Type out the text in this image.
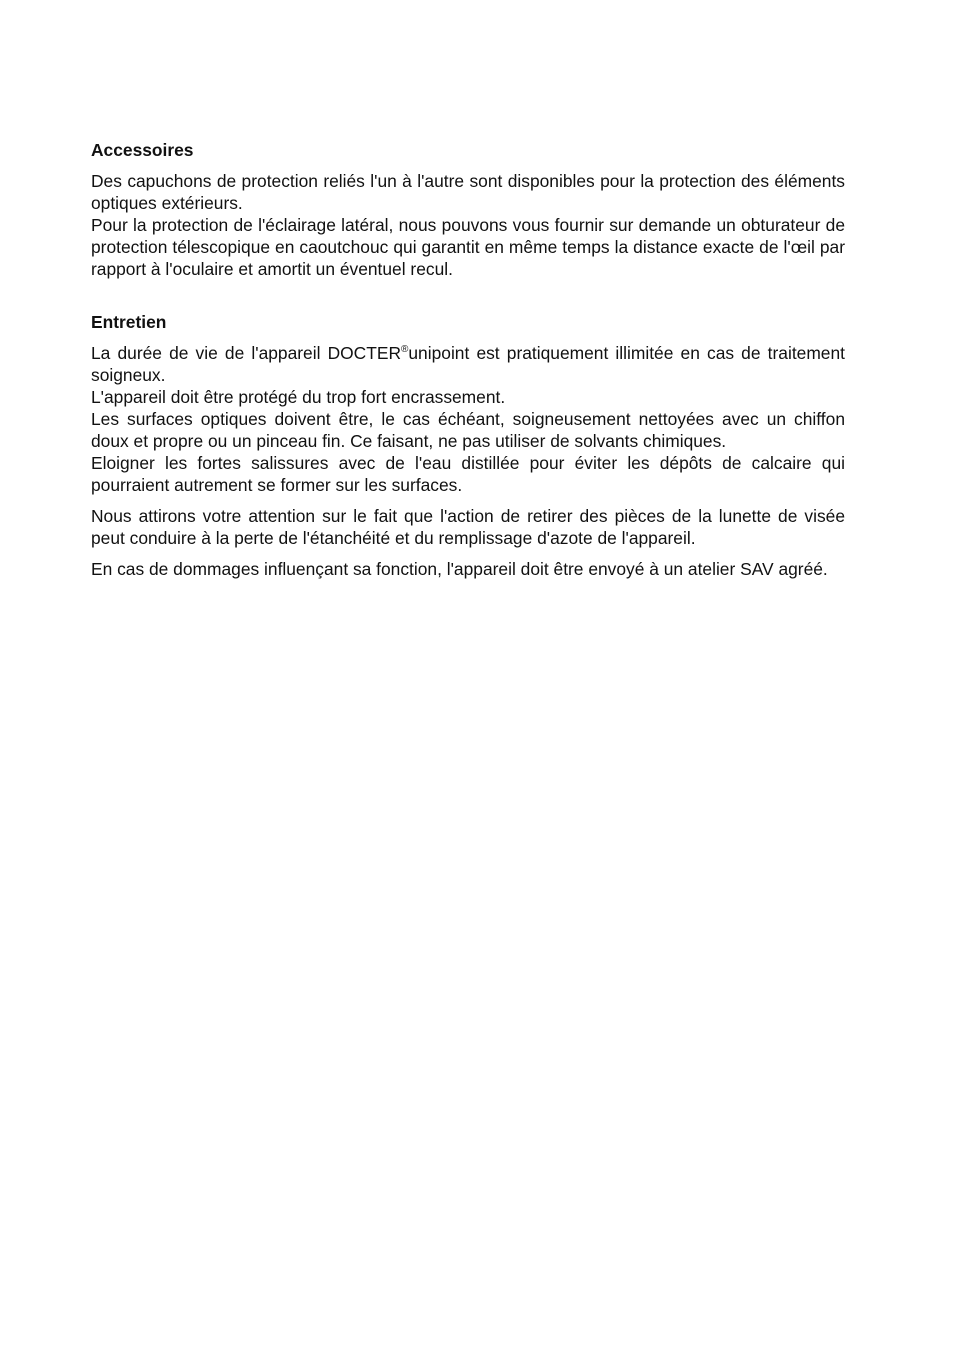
Accessoires

Des capuchons de protection reliés l'un à l'autre sont disponibles pour la protection des éléments optiques extérieurs.

Pour la protection de l'éclairage latéral, nous pouvons vous fournir sur demande un obturateur de protection télescopique en caoutchouc qui garantit en même temps la distance exacte de l'œil par rapport à l'oculaire et amortit un éventuel recul.

Entretien

La durée de vie de l'appareil DOCTER®unipoint est pratiquement illimitée en cas de traitement soigneux.

L'appareil doit être protégé du trop fort encrassement.

Les surfaces optiques doivent être, le cas échéant, soigneusement nettoyées avec un chiffon doux et propre ou un pinceau fin. Ce faisant, ne pas utiliser de solvants chimiques.

Eloigner les fortes salissures avec de l'eau distillée pour éviter les dépôts de calcaire qui pourraient autrement se former sur les surfaces.

Nous attirons votre attention sur le fait que l'action de retirer des pièces de la lunette de visée peut conduire à la perte de l'étanchéité et du remplissage d'azote de l'appareil.

En cas de dommages influençant sa fonction, l'appareil doit être envoyé à un atelier SAV agréé.
